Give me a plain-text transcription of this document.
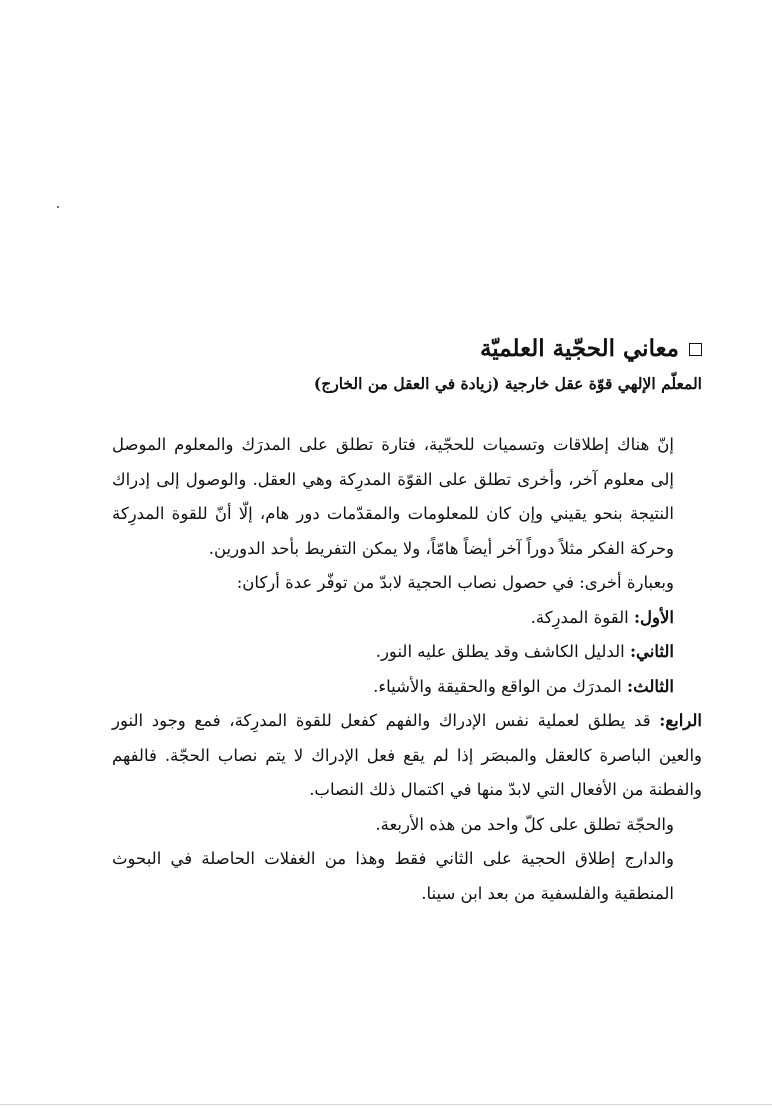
معاني الحجّية العلميّة
المعلّم الإلهي قوّة عقل خارجية (زيادة في العقل من الخارج)

إنّ هناك إطلاقات وتسميات للحجّية، فتارة تطلق على المدرَك والمعلوم الموصل إلى معلوم آخر، وأخرى تطلق على القوّة المدرِكة وهي العقل. والوصول إلى إدراك النتيجة بنحو يقيني وإن كان للمعلومات والمقدّمات دور هام، إلّا أنّ للقوة المدرِكة وحركة الفكر مثلاً دوراً آخر أيضاً هامّاً، ولا يمكن التفريط بأحد الدورين.

وبعبارة أخرى: في حصول نصاب الحجية لابدّ من توفّر عدة أركان:

الأول: القوة المدرِكة.

الثاني: الدليل الكاشف وقد يطلق عليه النور.

الثالث: المدرَك من الواقع والحقيقة والأشياء.

الرابع: قد يطلق لعملية نفس الإدراك والفهم كفعل للقوة المدرِكة، فمع وجود النور والعين الباصرة كالعقل والمبصَر إذا لم يقع فعل الإدراك لا يتم نصاب الحجّة. فالفهم والفطنة من الأفعال التي لابدّ منها في اكتمال ذلك النصاب.

والحجّة تطلق على كلّ واحد من هذه الأربعة.

والدارج إطلاق الحجية على الثاني فقط وهذا من الغفلات الحاصلة في البحوث المنطقية والفلسفية من بعد ابن سينا.
